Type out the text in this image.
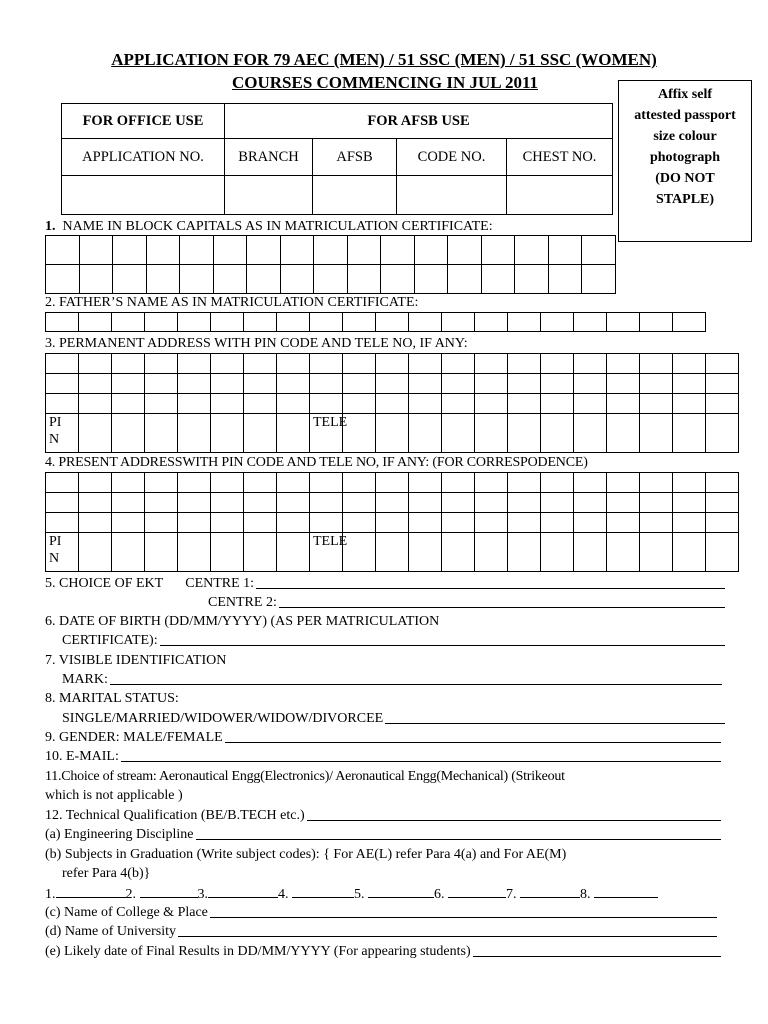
APPLICATION FOR 79 AEC (MEN) / 51 SSC (MEN) / 51 SSC (WOMEN)
COURSES COMMENCING IN JUL 2011
Affix self
attested passport
size colour
photograph
(DO NOT
STAPLE)
FOR OFFICE USE	FOR AFSB USE			
APPLICATION NO.	BRANCH	AFSB	CODE NO.	CHEST NO.

1. NAME IN BLOCK CAPITALS AS IN MATRICULATION CERTIFICATE:

2. FATHER’S NAME AS IN MATRICULATION CERTIFICATE:

3. PERMANENT ADDRESS WITH PIN CODE AND TELE NO, IF ANY:

PI
N								TELE												

4. PRESENT ADDRESSWITH PIN CODE AND TELE NO, IF ANY: (FOR CORRESPODENCE)

PI
N								TELE												

5. CHOICE OF EKT CENTRE 1:
CENTRE 2:
6. DATE OF BIRTH (DD/MM/YYYY) (AS PER MATRICULATION
CERTIFICATE):
7. VISIBLE IDENTIFICATION
MARK:
8. MARITAL STATUS:
SINGLE/MARRIED/WIDOWER/WIDOW/DIVORCEE
9. GENDER: MALE/FEMALE
10. E-MAIL:
11.Choice of stream: Aeronautical Engg(Electronics)/ Aeronautical Engg(Mechanical) (Strikeout
which is not applicable )
12. Technical Qualification (BE/B.TECH etc.)
(a) Engineering Discipline
(b) Subjects in Graduation (Write subject codes): { For AE(L) refer Para 4(a) and For AE(M)
refer Para 4(b)}
1.	2.	3.	4.	5.	6.	7.	8.
(c) Name of College & Place
(d) Name of University
(e) Likely date of Final Results in DD/MM/YYYY (For appearing students)
